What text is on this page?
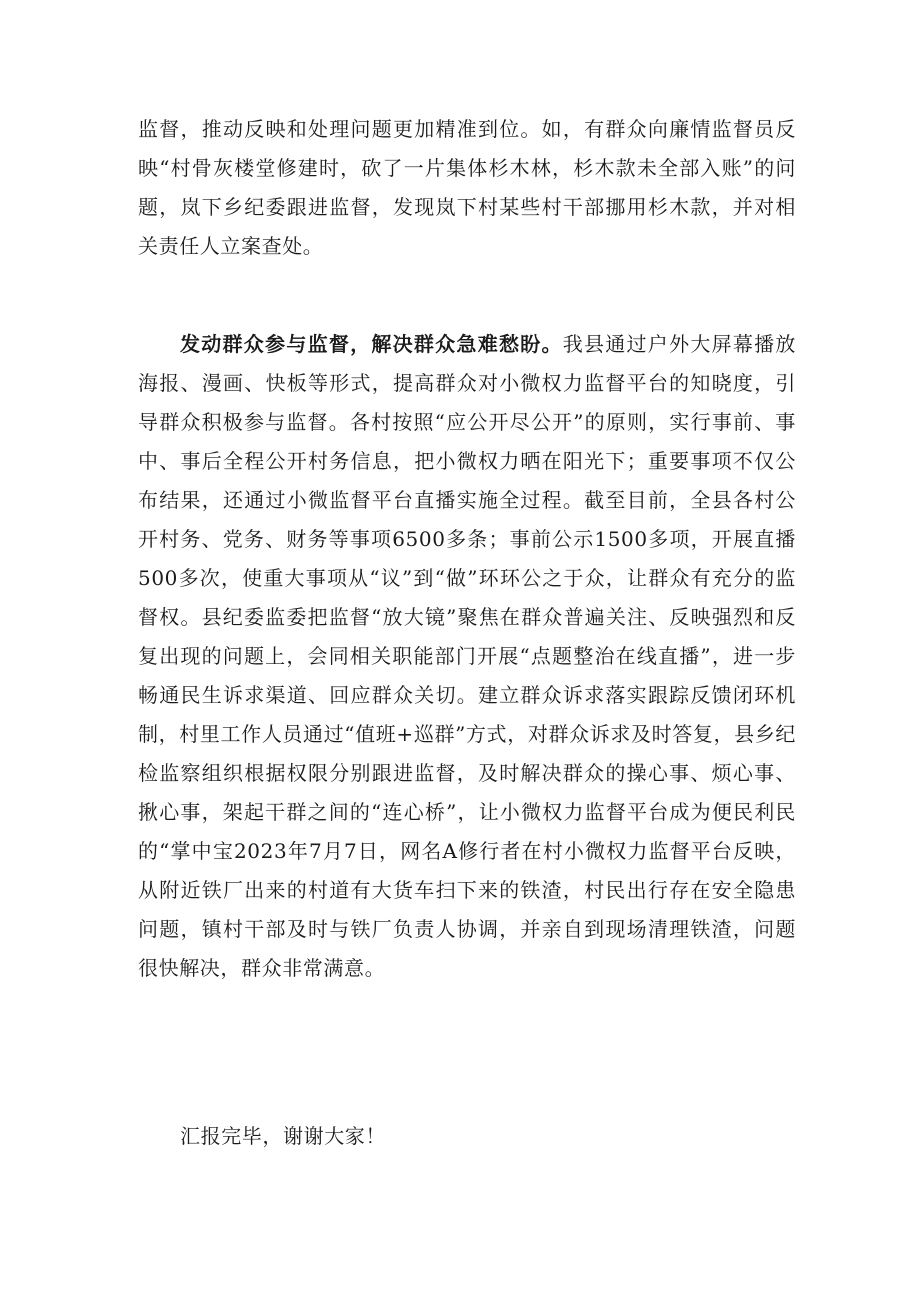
监督，推动反映和处理问题更加精准到位。如，有群众向廉情监督员反映“村骨灰楼堂修建时，砍了一片集体杉木林，杉木款未全部入账”的问题，岚下乡纪委跟进监督，发现岚下村某些村干部挪用杉木款，并对相关责任人立案查处。

发动群众参与监督，解决群众急难愁盼。我县通过户外大屏幕播放海报、漫画、快板等形式，提高群众对小微权力监督平台的知晓度，引导群众积极参与监督。各村按照“应公开尽公开”的原则，实行事前、事中、事后全程公开村务信息，把小微权力晒在阳光下；重要事项不仅公布结果，还通过小微监督平台直播实施全过程。截至目前，全县各村公开村务、党务、财务等事项6500多条；事前公示1500多项，开展直播500多次，使重大事项从“议”到“做”环环公之于众，让群众有充分的监督权。县纪委监委把监督“放大镜”聚焦在群众普遍关注、反映强烈和反复出现的问题上，会同相关职能部门开展“点题整治在线直播”，进一步畅通民生诉求渠道、回应群众关切。建立群众诉求落实跟踪反馈闭环机制，村里工作人员通过“值班+巡群”方式，对群众诉求及时答复，县乡纪检监察组织根据权限分别跟进监督，及时解决群众的操心事、烦心事、揪心事，架起干群之间的“连心桥”，让小微权力监督平台成为便民利民的“掌中宝2023年7月7日，网名A修行者在村小微权力监督平台反映，从附近铁厂出来的村道有大货车扫下来的铁渣，村民出行存在安全隐患问题，镇村干部及时与铁厂负责人协调，并亲自到现场清理铁渣，问题很快解决，群众非常满意。

汇报完毕，谢谢大家！
